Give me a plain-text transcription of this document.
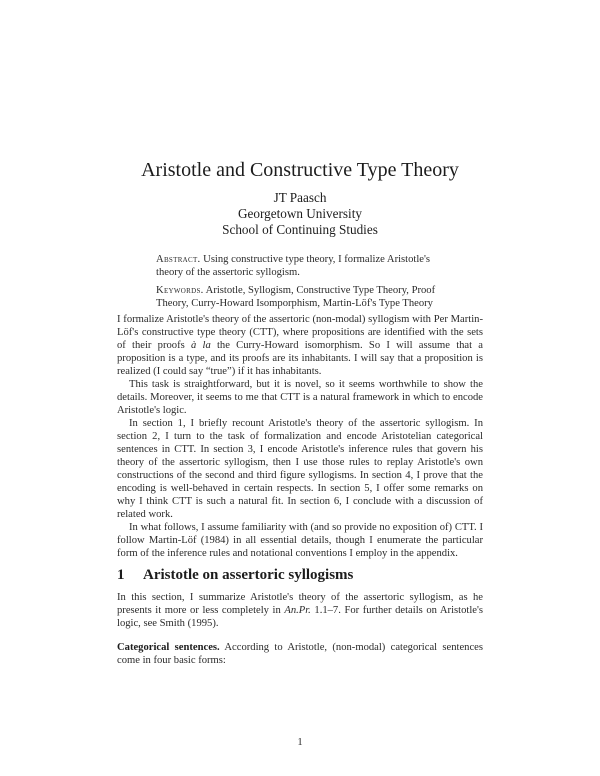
Aristotle and Constructive Type Theory
JT Paasch
Georgetown University
School of Continuing Studies

Abstract. Using constructive type theory, I formalize Aristotle's theory of the assertoric syllogism.

Keywords. Aristotle, Syllogism, Constructive Type Theory, Proof Theory, Curry-Howard Isomporphism, Martin-Löf's Type Theory

I formalize Aristotle's theory of the assertoric (non-modal) syllogism with Per Martin-Löf's constructive type theory (CTT), where propositions are identified with the sets of their proofs à la the Curry-Howard isomorphism. So I will assume that a proposition is a type, and its proofs are its inhabitants. I will say that a proposition is realized (I could say “true”) if it has inhabitants.

This task is straightforward, but it is novel, so it seems worthwhile to show the details. Moreover, it seems to me that CTT is a natural framework in which to encode Aristotle's logic.

In section 1, I briefly recount Aristotle's theory of the assertoric syllogism. In section 2, I turn to the task of formalization and encode Aristotelian categorical sentences in CTT. In section 3, I encode Aristotle's inference rules that govern his theory of the assertoric syllogism, then I use those rules to replay Aristotle's own constructions of the second and third figure syllogisms. In section 4, I prove that the encoding is well-behaved in certain respects. In section 5, I offer some remarks on why I think CTT is such a natural fit. In section 6, I conclude with a discussion of related work.

In what follows, I assume familiarity with (and so provide no exposition of) CTT. I follow Martin-Löf (1984) in all essential details, though I enumerate the particular form of the inference rules and notational conventions I employ in the appendix.

1 Aristotle on assertoric syllogisms

In this section, I summarize Aristotle's theory of the assertoric syllogism, as he presents it more or less completely in An.Pr. 1.1–7. For further details on Aristotle's logic, see Smith (1995).

Categorical sentences. According to Aristotle, (non-modal) categorical sentences come in four basic forms:
1
